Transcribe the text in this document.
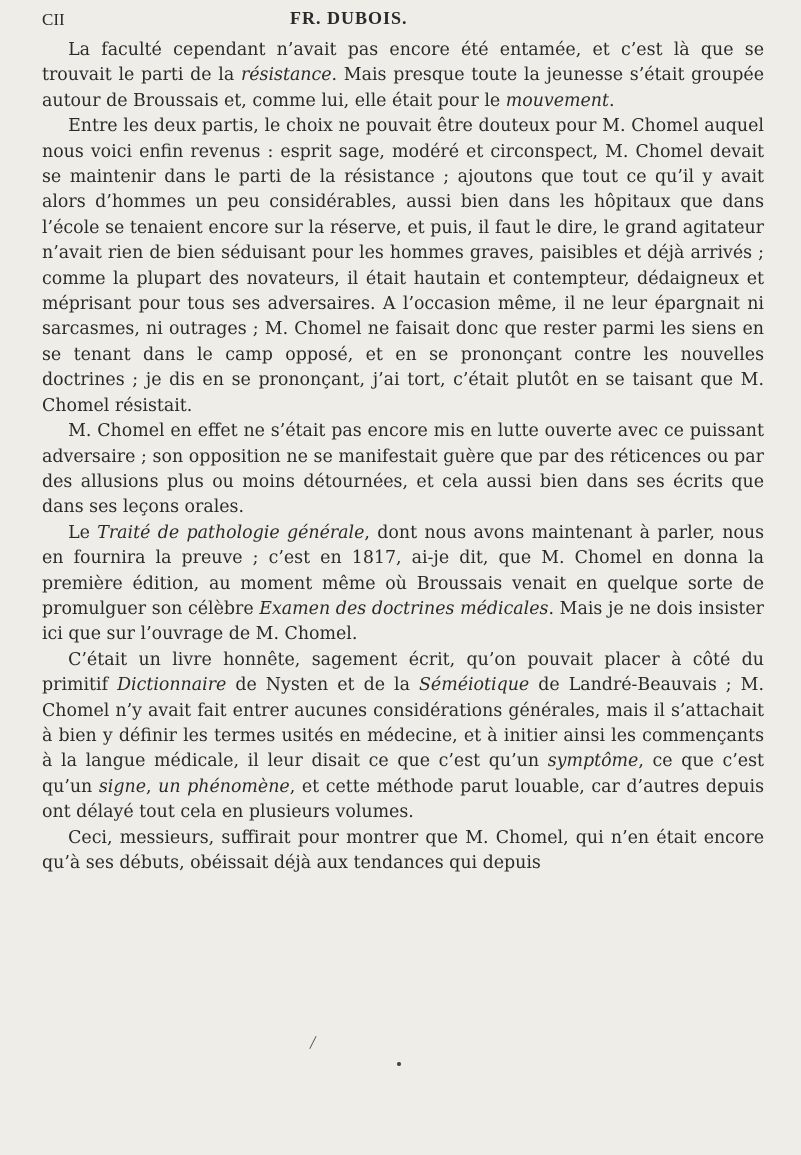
CII	FR. DUBOIS.

La faculté cependant n’avait pas encore été entamée, et c’est là que se trouvait le parti de la résistance. Mais presque toute la jeunesse s’était groupée autour de Broussais et, comme lui, elle était pour le mouvement.

Entre les deux partis, le choix ne pouvait être douteux pour M. Chomel auquel nous voici enfin revenus : esprit sage, modéré et circonspect, M. Chomel devait se maintenir dans le parti de la résistance ; ajoutons que tout ce qu’il y avait alors d’hommes un peu considérables, aussi bien dans les hôpitaux que dans l’école se tenaient encore sur la réserve, et puis, il faut le dire, le grand agitateur n’avait rien de bien séduisant pour les hommes graves, paisibles et déjà arrivés ; comme la plupart des novateurs, il était hautain et contempteur, dédaigneux et méprisant pour tous ses adversaires. A l’occasion même, il ne leur épargnait ni sarcasmes, ni outrages ; M. Chomel ne faisait donc que rester parmi les siens en se tenant dans le camp opposé, et en se prononçant contre les nouvelles doctrines ; je dis en se prononçant, j’ai tort, c’était plutôt en se taisant que M. Chomel résistait.

M. Chomel en effet ne s’était pas encore mis en lutte ouverte avec ce puissant adversaire ; son opposition ne se manifestait guère que par des réticences ou par des allusions plus ou moins détournées, et cela aussi bien dans ses écrits que dans ses leçons orales.

Le Traité de pathologie générale, dont nous avons maintenant à parler, nous en fournira la preuve ; c’est en 1817, ai-je dit, que M. Chomel en donna la première édition, au moment même où Broussais venait en quelque sorte de promulguer son célèbre Examen des doctrines médicales. Mais je ne dois insister ici que sur l’ouvrage de M. Chomel.

C’était un livre honnête, sagement écrit, qu’on pouvait placer à côté du primitif Dictionnaire de Nysten et de la Séméiotique de Landré-Beauvais ; M. Chomel n’y avait fait entrer aucunes considérations générales, mais il s’attachait à bien y définir les termes usités en médecine, et à initier ainsi les commençants à la langue médicale, il leur disait ce que c’est qu’un symptôme, ce que c’est qu’un signe, un phénomène, et cette méthode parut louable, car d’autres depuis ont délayé tout cela en plusieurs volumes.

Ceci, messieurs, suffirait pour montrer que M. Chomel, qui n’en était encore qu’à ses débuts, obéissait déjà aux tendances qui depuis

/
